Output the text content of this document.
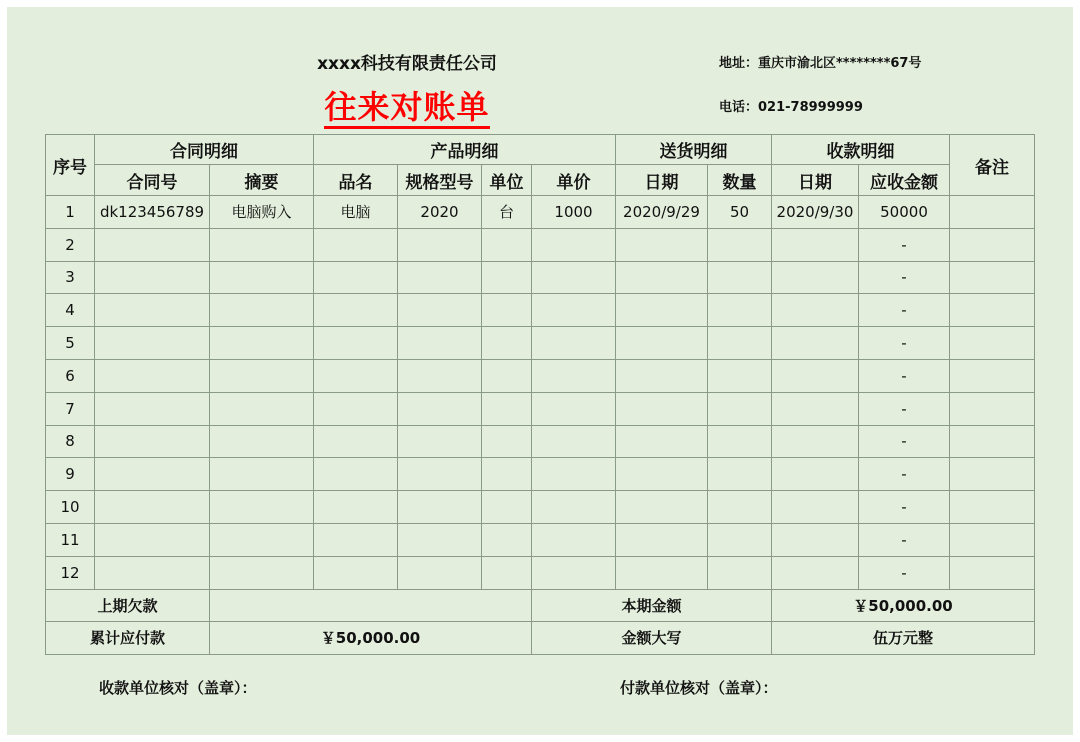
xxxx科技有限责任公司
往来对账单
地址：重庆市渝北区********67号
电话：021-78999999
序号	合同明细		产品明细				送货明细		收款明细		备注
	合同号	摘要	品名	规格型号	单位	单价	日期	数量	日期	应收金额	
1	dk123456789	电脑购入	电脑	2020	台	1000	2020/9/29	50	2020/9/30	50000	
2										-	
3										-	
4										-	
5										-	
6										-	
7										-	
8										-	
9										-	
10										-	
11										-	
12										-	
上期欠款						本期金额			￥50,000.00		
累计应付款		￥50,000.00				金额大写			伍万元整		
收款单位核对（盖章）：	付款单位核对（盖章）：
